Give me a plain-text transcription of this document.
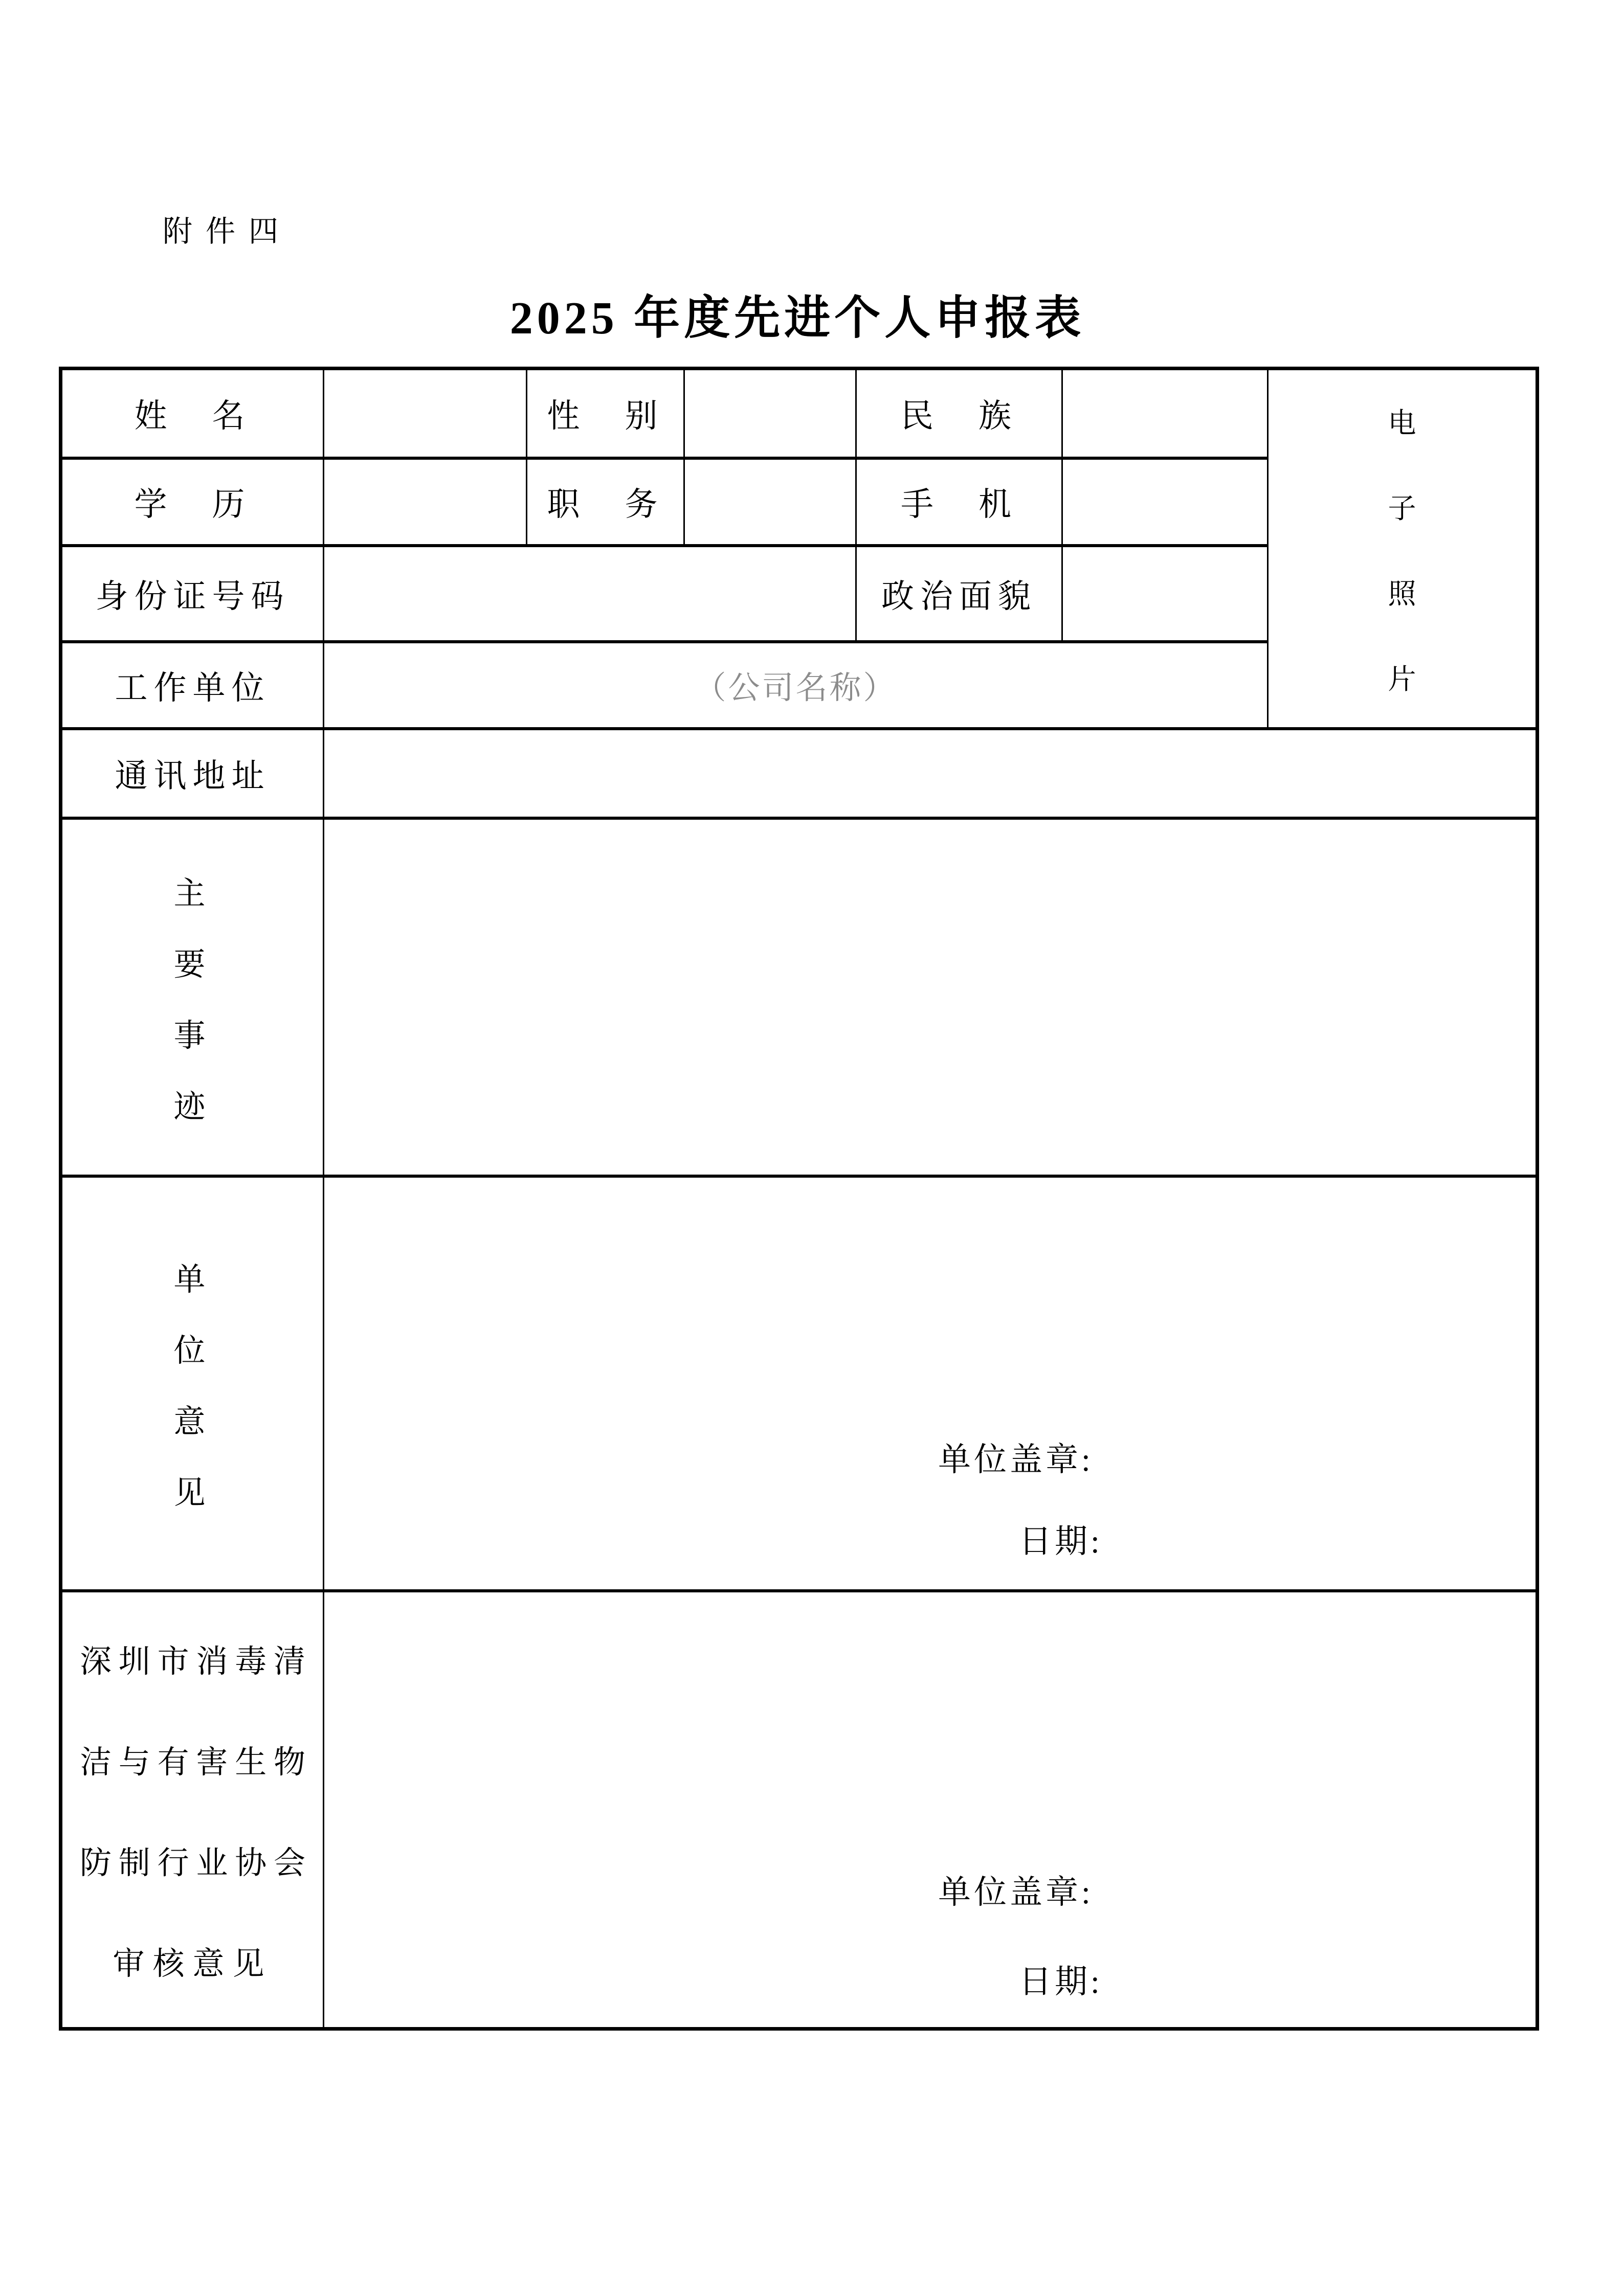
附件四
2025 年度先进个人申报表
姓　名		性　别		民　族		电
子
照
片

学　历		职　务		手　机		
身份证号码				政治面貌		
工作单位	（公司名称）					
通讯地址						

主
要
事
迹						

单
位
意
见

单位盖章:
日期:

深 圳 市 消 毒 清
洁 与 有 害 生 物
防 制 行 业 协 会
审核意见

单位盖章:
日期:
